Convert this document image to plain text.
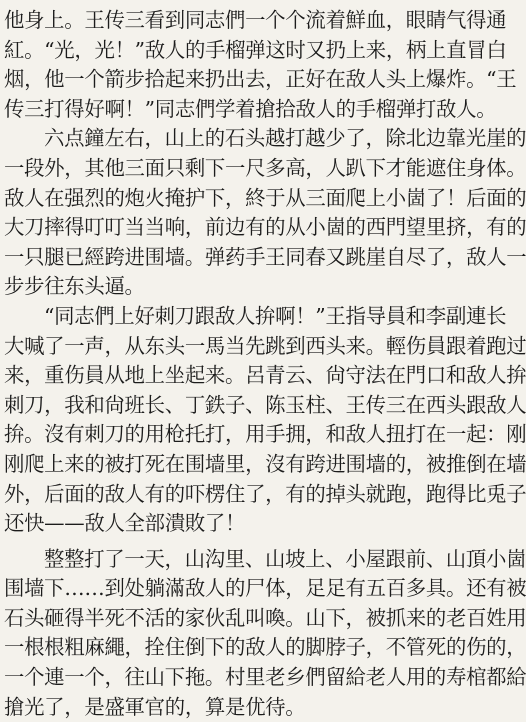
他身上。王传三看到同志們一个个流着鮮血，眼睛气得通
紅。“光，光！”敌人的手榴弹这时又扔上来，柄上直冒白
烟，他一个箭步拾起来扔出去，正好在敌人头上爆炸。“王
传三打得好啊！”同志們学着搶拾敌人的手榴弹打敌人。
六点鐘左右，山上的石头越打越少了，除北边靠光崖的
一段外，其他三面只剩下一尺多高，人趴下才能遮住身体。
敌人在强烈的炮火掩护下，終于从三面爬上小崮了！后面的
大刀摔得叮叮当当响，前边有的从小崮的西門望里挤，有的
一只腿已經跨进围墙。弹药手王同春又跳崖自尽了，敌人一
步步往东头逼。
“同志們上好刺刀跟敌人拚啊！”王指导員和李副連长
大喊了一声，从东头一馬当先跳到西头来。輕伤員跟着跑过
来，重伤員从地上坐起来。呂青云、尙守法在門口和敌人拚
刺刀，我和尙班长、丁鉄子、陈玉柱、王传三在西头跟敌人
拚。沒有刺刀的用枪托打，用手拥，和敌人扭打在一起：刚
刚爬上来的被打死在围墙里，沒有跨进围墙的，被推倒在墙
外，后面的敌人有的吓楞住了，有的掉头就跑，跑得比兎子
还快——敌人全部潰敗了！
整整打了一天，山沟里、山坡上、小屋跟前、山頂小崮
围墙下……到处躺滿敌人的尸体，足足有五百多具。还有被
石头砸得半死不活的家伙乱叫喚。山下，被抓来的老百姓用
一根根粗麻繩，拴住倒下的敌人的脚脖子，不管死的伤的，
一个連一个，往山下拖。村里老乡們留給老人用的寿棺都給
搶光了，是盛軍官的，算是优待。
